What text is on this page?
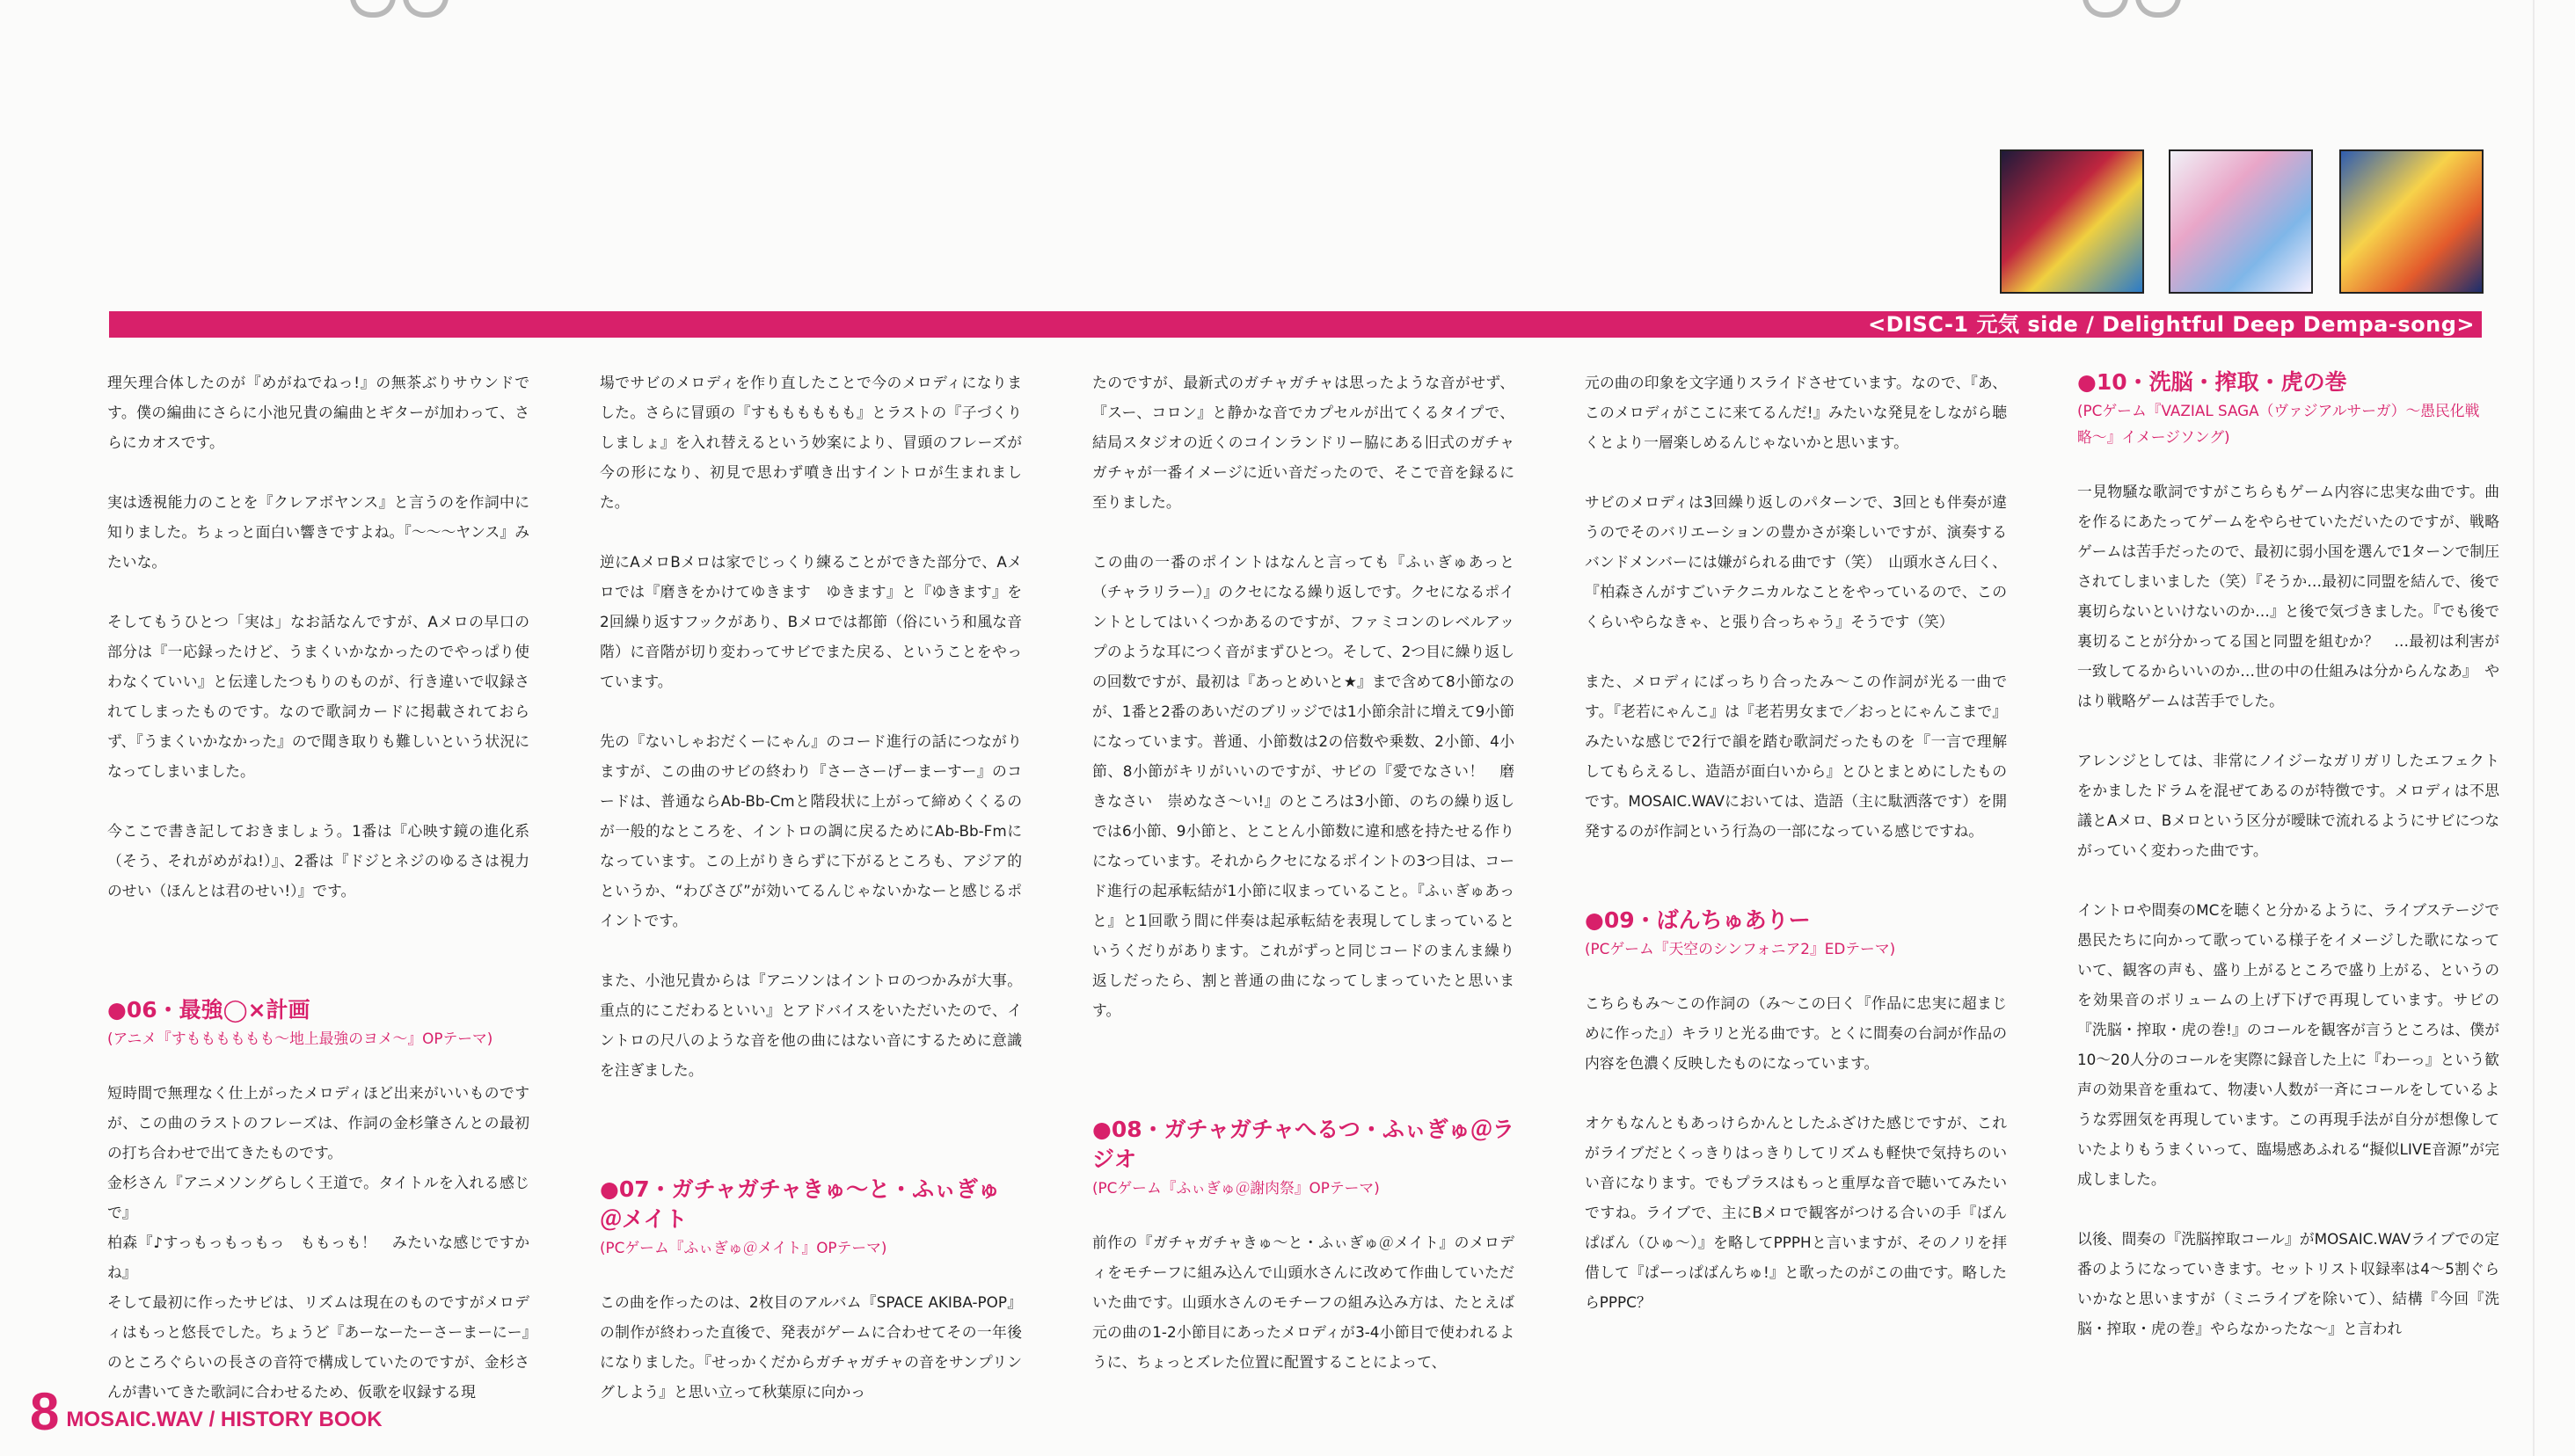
<DISC-1 元気 side / Delightful Deep Dempa-song>

理矢理合体したのが『めがねでねっ!』の無茶ぶりサウンドです。僕の編曲にさらに小池兄貴の編曲とギターが加わって、さらにカオスです。

実は透視能力のことを『クレアボヤンス』と言うのを作詞中に知りました。ちょっと面白い響きですよね。『〜〜〜ヤンス』みたいな。

そしてもうひとつ「実は」なお話なんですが、Aメロの早口の部分は『一応録ったけど、うまくいかなかったのでやっぱり使わなくていい』と伝達したつもりのものが、行き違いで収録されてしまったものです。なので歌詞カードに掲載されておらず、『うまくいかなかった』ので聞き取りも難しいという状況になってしまいました。

今ここで書き記しておきましょう。1番は『心映す鏡の進化系（そう、それがめがね!）』、2番は『ドジとネジのゆるさは視力のせい（ほんとは君のせい!）』です。

●06・最強◯×計画

(アニメ『すもももももも〜地上最強のヨメ〜』OPテーマ)

短時間で無理なく仕上がったメロディほど出来がいいものですが、この曲のラストのフレーズは、作詞の金杉肇さんとの最初の打ち合わせで出てきたものです。

金杉さん『アニメソングらしく王道で。タイトルを入れる感じで』

柏森『♪すっもっもっもっ　ももっも！　みたいな感じですかね』

そして最初に作ったサビは、リズムは現在のものですがメロディはもっと悠長でした。ちょうど『あーなーたーさーまーにー』のところぐらいの長さの音符で構成していたのですが、金杉さんが書いてきた歌詞に合わせるため、仮歌を収録する現

場でサビのメロディを作り直したことで今のメロディになりました。さらに冒頭の『すもももももも』とラストの『子づくりしましょ』を入れ替えるという妙案により、冒頭のフレーズが今の形になり、初見で思わず噴き出すイントロが生まれました。

逆にAメロBメロは家でじっくり練ることができた部分で、Aメロでは『磨きをかけてゆきます　ゆきます』と『ゆきます』を2回繰り返すフックがあり、Bメロでは都節（俗にいう和風な音階）に音階が切り変わってサビでまた戻る、ということをやっています。

先の『ないしゃおだくーにゃん』のコード進行の話につながりますが、この曲のサビの終わり『さーさーげーまーすー』のコードは、普通ならAb-Bb-Cmと階段状に上がって締めくくるのが一般的なところを、イントロの調に戻るためにAb-Bb-Fmになっています。この上がりきらずに下がるところも、アジア的というか、“わびさび”が効いてるんじゃないかなーと感じるポイントです。

また、小池兄貴からは『アニソンはイントロのつかみが大事。重点的にこだわるといい』とアドバイスをいただいたので、イントロの尺八のような音を他の曲にはない音にするために意識を注ぎました。

●07・ガチャガチャきゅ〜と・ふぃぎゅ＠メイト

(PCゲーム『ふぃぎゅ＠メイト』OPテーマ)

この曲を作ったのは、2枚目のアルバム『SPACE AKIBA-POP』の制作が終わった直後で、発表がゲームに合わせてその一年後になりました。『せっかくだからガチャガチャの音をサンプリングしよう』と思い立って秋葉原に向かっ

たのですが、最新式のガチャガチャは思ったような音がせず、『スー、コロン』と静かな音でカプセルが出てくるタイプで、結局スタジオの近くのコインランドリー脇にある旧式のガチャガチャが一番イメージに近い音だったので、そこで音を録るに至りました。

この曲の一番のポイントはなんと言っても『ふぃぎゅあっと（チャラリラー）』のクセになる繰り返しです。クセになるポイントとしてはいくつかあるのですが、ファミコンのレベルアップのような耳につく音がまずひとつ。そして、2つ目に繰り返しの回数ですが、最初は『あっとめいと★』まで含めて8小節なのが、1番と2番のあいだのブリッジでは1小節余計に増えて9小節になっています。普通、小節数は2の倍数や乗数、2小節、4小節、8小節がキリがいいのですが、サビの『愛でなさい！　磨きなさい　崇めなさ〜い!』のところは3小節、のちの繰り返しでは6小節、9小節と、とことん小節数に違和感を持たせる作りになっています。それからクセになるポイントの3つ目は、コード進行の起承転結が1小節に収まっていること。『ふぃぎゅあっと』と1回歌う間に伴奏は起承転結を表現してしまっているというくだりがあります。これがずっと同じコードのまんま繰り返しだったら、割と普通の曲になってしまっていたと思います。

●08・ガチャガチャへるつ・ふぃぎゅ＠ラジオ

(PCゲーム『ふぃぎゅ＠謝肉祭』OPテーマ)

前作の『ガチャガチャきゅ〜と・ふぃぎゅ＠メイト』のメロディをモチーフに組み込んで山頭水さんに改めて作曲していただいた曲です。山頭水さんのモチーフの組み込み方は、たとえば元の曲の1-2小節目にあったメロディが3-4小節目で使われるように、ちょっとズレた位置に配置することによって、

元の曲の印象を文字通りスライドさせています。なので、『あ、このメロディがここに来てるんだ!』みたいな発見をしながら聴くとより一層楽しめるんじゃないかと思います。

サビのメロディは3回繰り返しのパターンで、3回とも伴奏が違うのでそのバリエーションの豊かさが楽しいですが、演奏するバンドメンバーには嫌がられる曲です（笑）　山頭水さん曰く、『柏森さんがすごいテクニカルなことをやっているので、このくらいやらなきゃ、と張り合っちゃう』そうです（笑）

また、メロディにばっちり合ったみ〜この作詞が光る一曲です。『老若にゃんこ』は『老若男女まで／おっとにゃんこまで』みたいな感じで2行で韻を踏む歌詞だったものを『一言で理解してもらえるし、造語が面白いから』とひとまとめにしたものです。MOSAIC.WAVにおいては、造語（主に駄洒落です）を開発するのが作詞という行為の一部になっている感じですね。

●09・ばんちゅありー

(PCゲーム『天空のシンフォニア2』EDテーマ)

こちらもみ〜この作詞の（み〜この曰く『作品に忠実に超まじめに作った』）キラリと光る曲です。とくに間奏の台詞が作品の内容を色濃く反映したものになっています。

オケもなんともあっけらかんとしたふざけた感じですが、これがライブだとくっきりはっきりしてリズムも軽快で気持ちのいい音になります。でもプラスはもっと重厚な音で聴いてみたいですね。ライブで、主にBメロで観客がつける合いの手『ばんぱばん（ひゅ〜）』を略してPPPHと言いますが、そのノリを拝借して『ぱーっぱばんちゅ!』と歌ったのがこの曲です。略したらPPPC？

●10・洗脳・搾取・虎の巻

(PCゲーム『VAZIAL SAGA（ヴァジアルサーガ）〜愚民化戦略〜』イメージソング)

一見物騒な歌詞ですがこちらもゲーム内容に忠実な曲です。曲を作るにあたってゲームをやらせていただいたのですが、戦略ゲームは苦手だったので、最初に弱小国を選んで1ターンで制圧されてしまいました（笑）『そうか…最初に同盟を結んで、後で裏切らないといけないのか…』と後で気づきました。『でも後で裏切ることが分かってる国と同盟を組むか？　…最初は利害が一致してるからいいのか…世の中の仕組みは分からんなあ』　やはり戦略ゲームは苦手でした。

アレンジとしては、非常にノイジーなガリガリしたエフェクトをかましたドラムを混ぜてあるのが特徴です。メロディは不思議とAメロ、Bメロという区分が曖昧で流れるようにサビにつながっていく変わった曲です。

イントロや間奏のMCを聴くと分かるように、ライブステージで愚民たちに向かって歌っている様子をイメージした歌になっていて、観客の声も、盛り上がるところで盛り上がる、というのを効果音のボリュームの上げ下げで再現しています。サビの『洗脳・搾取・虎の巻!』のコールを観客が言うところは、僕が10〜20人分のコールを実際に録音した上に『わーっ』という歓声の効果音を重ねて、物凄い人数が一斉にコールをしているような雰囲気を再現しています。この再現手法が自分が想像していたよりもうまくいって、臨場感あふれる“擬似LIVE音源”が完成しました。

以後、間奏の『洗脳搾取コール』がMOSAIC.WAVライブでの定番のようになっていきます。セットリスト収録率は4〜5割ぐらいかなと思いますが（ミニライブを除いて）、結構『今回『洗脳・搾取・虎の巻』やらなかったな〜』と言われ

8 MOSAIC.WAV / HISTORY BOOK
